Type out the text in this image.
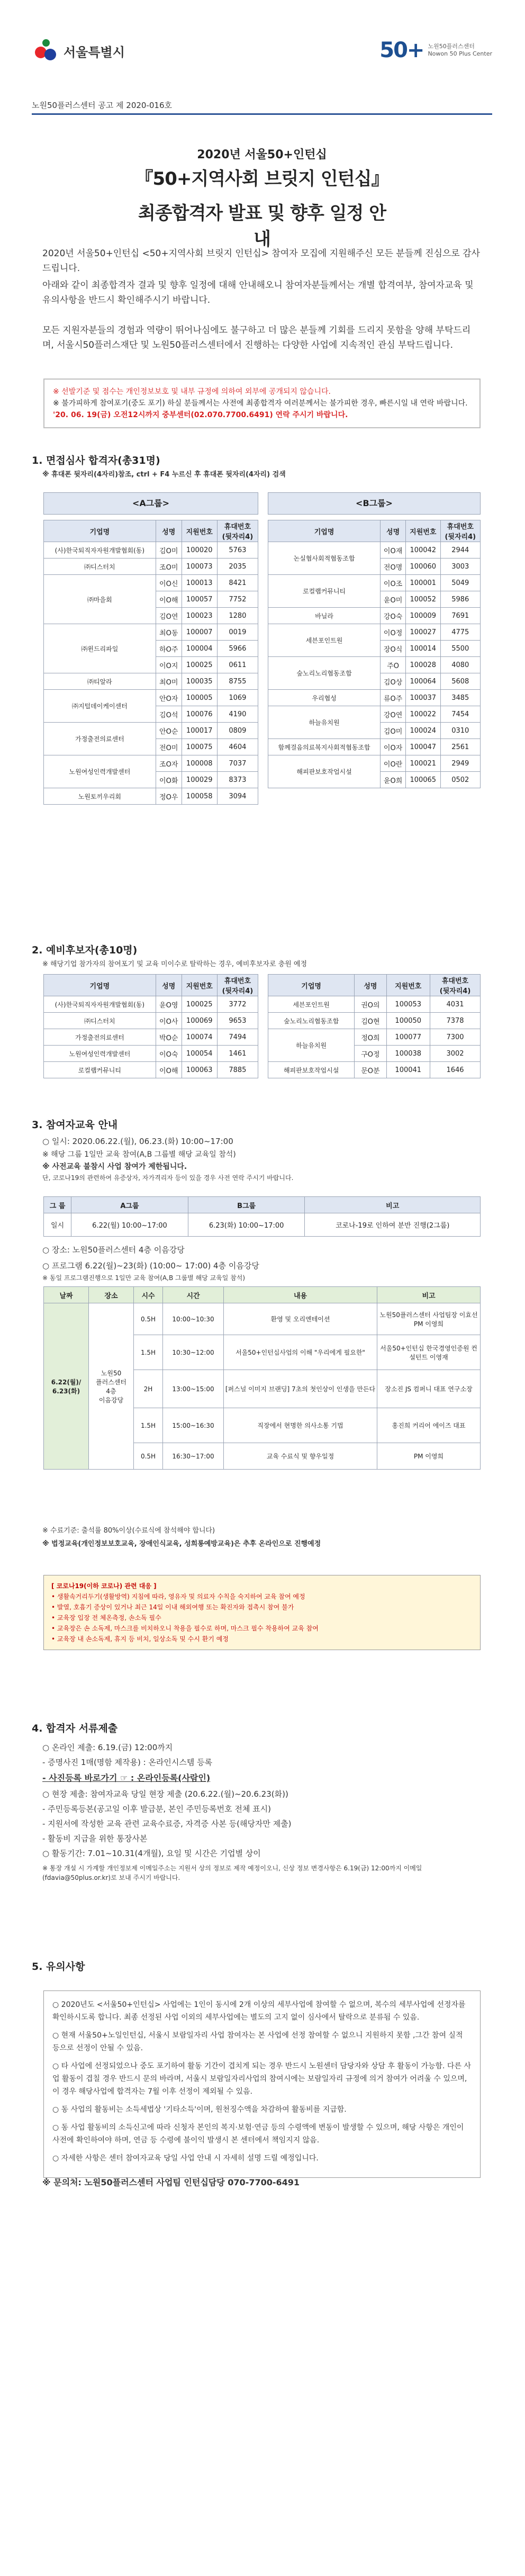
서울특별시	50+ 노원50플러스센터
Nowon 50 Plus Center
노원50플러스센터 공고 제 2020-016호
2020년 서울50+인턴십
『50+지역사회 브릿지 인턴십』
최종합격자 발표 및 향후 일정 안내
2020년 서울50+인턴십 <50+지역사회 브릿지 인턴십> 참여자 모집에 지원해주신 모든 분들께 진심으로 감사드립니다.
아래와 같이 최종합격자 결과 및 향후 일정에 대해 안내해오니 참여자분들께서는 개별 합격여부, 참여자교육 및 유의사항을 반드시 확인해주시기 바랍니다.
모든 지원자분들의 경험과 역량이 뛰어나심에도 불구하고 더 많은 분들께 기회를 드리지 못함을 양해 부탁드리며, 서울시50플러스재단 및 노원50플러스센터에서 진행하는 다양한 사업에 지속적인 관심 부탁드립니다.
※ 선발기준 및 점수는 개인정보보호 및 내부 규정에 의하여 외부에 공개되지 않습니다.
※ 불가피하게 참여포기(중도 포기) 하실 분들께서는 사전에 최종합격자 여러분께서는 불가피한 경우, 빠른시일 내 연락 바랍니다.
'20. 06. 19(금) 오전12시까지 중부센터(02.070.7700.6491) 연락 주시기 바랍니다.
1. 면접심사 합격자(총31명)
※ 휴대폰 뒷자리(4자리)참조, ctrl + F4 누르신 후 휴대폰 뒷자리(4자리) 검색
<A그룹>	<B그룹>
기업명	성명	지원번호	휴대번호
(뒷자리4)
(사)한국퇴직자자원개발협회(동)	김O미	100020	5763
㈜디스터치	조O미	100073	2035
㈜마을회	이O신	100013	8421
	이O해	100057	7752
	김O연	100023	1280
㈜윈드리파일	최O동	100007	0019
	하O주	100004	5966
	이O지	100025	0611
㈜티알라	최O미	100035	8755
㈜지털데이케이센터	안O자	100005	1069
	김O석	100076	4190
가정출전의료센터	안O순	100017	0809
	전O미	100075	4604
노원여성인력개발센터	조O자	100008	7037
	이O화	100029	8373
노원토끼우리회	정O우	100058	3094
기업명	성명	지원번호	휴대번호
(뒷자리4)
논실협사회적협동조합	이O재	100042	2944
	전O명	100060	3003
로컬랩커뮤니티	이O조	100001	5049
	윤O미	100052	5986
바닐라	강O숙	100009	7691
세븐포인트원	이O정	100027	4775
	장O식	100014	5500
숲노리노리협동조합	주O	100028	4080
	김O상	100064	5608
우리협성	류O주	100037	3485
하늘유치원	강O연	100022	7454
	김O미	100024	0310
함께걸음의료복지사회적협동조합	이O자	100047	2561
해피판보호작업시설	이O란	100021	2949
	윤O희	100065	0502
2. 예비후보자(총10명)
※ 해당기업 참가자의 참여포기 및 교육 미이수로 탈락하는 경우, 예비후보자로 충원 예정
기업명	성명	지원번호	휴대번호
(뒷자리4)
(사)한국퇴직자자원개발협회(동)	윤O영	100025	3772
㈜디스터치	이O사	100069	9653
가정출전의료센터	박O순	100074	7494
노원여성인력개발센터	이O숙	100054	1461
로컬랩커뮤니티	이O해	100063	7885
기업명	성명	지원번호	휴대번호
(뒷자리4)
세븐포인트원	권O의	100053	4031
숲노리노리협동조합	김O현	100050	7378
하늘유치원	정O희	100077	7300
	구O정	100038	3002
해피판보호작업시설	문O분	100041	1646
3. 참여자교육 안내
○ 일시: 2020.06.22.(월), 06.23.(화) 10:00~17:00
※ 해당 그룹 1일만 교육 참여(A,B 그룹별 해당 교육일 참석)
※ 사전교육 불참시 사업 참여가 제한됩니다.
단, 코로나19의 관련하여 유증상자, 자가격리자 등이 있을 경우 사전 연락 주시기 바랍니다.
그 룹	A그룹	B그룹	비고
일시	6.22(월) 10:00~17:00	6.23(화) 10:00~17:00	코로나-19로 인하여 분반 진행(2그룹)
○ 장소: 노원50플러스센터 4층 이음강당
○ 프로그램 6.22(월)~23(화) (10:00~ 17:00) 4층 이음강당
※ 동일 프로그램진행으로 1일만 교육 참여(A,B 그룹별 해당 교육일 참석)
날짜	장소	시수	시간	내용	비고
6.22(월)/
6.23(화)	노원50
플러스센터
4층
이음강당	0.5H	10:00~10:30	환영 및 오리엔테이션	노원50플러스센터 사업팀장 이효선 PM 이영희
		1.5H	10:30~12:00	서울50+인턴십사업의 이해 "우리에게 필요한"	서울50+인턴십 한국경영인증원 컨설턴트 이영재
		2H	13:00~15:00	[퍼스널 이미지 브랜딩] 7초의 첫인상이 인생을 만든다	장소진 JS 컴퍼니 대표 연구소장
		1.5H	15:00~16:30	직장에서 현명한 의사소통 기법	홍진희 커리어 에이즈 대표
		0.5H	16:30~17:00	교육 수료식 및 향우일정	PM 이영희
※ 수료기준: 출석률 80%이상(수료식에 참석해야 합니다)
※ 법정교육(개인정보보호교육, 장애인식교육, 성희롱예방교육)은 추후 온라인으로 진행예정
[ 코로나19(이하 코로나) 관련 대응 ]
• 생활속거리두기(생활방역) 지침에 따라, 영유자 및 의료자 수칙을 숙지하여 교육 참여 예정
• 발열, 호흡기 증상이 있거나 최근 14일 이내 해외여행 또는 확진자와 접촉시 참여 불가
• 교육장 입장 전 체온측정, 손소독 필수
• 교육장은 손 소독제, 마스크를 비치하오니 착용을 필수로 하며, 마스크 필수 착용하여 교육 참여
• 교육장 내 손소독제, 휴지 등 비치, 일상소독 및 수시 환기 예정
4. 합격자 서류제출
○ 온라인 제출: 6.19.(금) 12:00까지
- 증명사진 1매(명함 제작용) : 온라인시스템 등록
- 사진등록 바로가기 ☞ : 온라인등록(사람인)
○ 현장 제출: 참여자교육 당일 현장 제출 (20.6.22.(월)~20.6.23(화))
- 주민등록등본(공고일 이후 발급분, 본인 주민등록번호 전체 표시)
- 지원서에 작성한 교육 관련 교육수료증, 자격증 사본 등(해당자만 제출)
- 활동비 지급을 위한 통장사본
○ 활동기간: 7.01~10.31(4개월), 요일 및 시간은 기업별 상이
※ 통장 개설 시 가계할 개인정보제 이메일주소는 지원서 상의 정보로 제작 예정이오니, 신상 정보 변경사항은 6.19(금) 12:00까지 이메일(fdavia@50plus.or.kr)로 보내 주시기 바랍니다.
5. 유의사항

○ 2020년도 <서울50+인턴십> 사업에는 1인이 동시에 2개 이상의 세부사업에 참여할 수 없으며, 복수의 세부사업에 선정자를 확인하시도록 합니다. 최종 선정된 사업 이외의 세부사업에는 별도의 고지 없이 심사에서 탈락으로 분류됨 수 있음.

○ 현재 서울50+노일인턴십, 서울시 보람일자리 사업 참여자는 본 사업에 선정 참여할 수 없으니 지원하지 못함 ,그간 참여 실적 등으로 선정이 안될 수 있음.

○ 타 사업에 선정되었으나 중도 포기하여 활동 기간이 겹치게 되는 경우 반드시 노원센터 담당자와 상담 후 활동이 가능함. 다른 사업 활동이 겹칠 경우 반드시 문의 바라며, 서울시 보람일자리사업의 참여시에는 보람일자리 규정에 의거 참여가 어려울 수 있으며, 이 경우 해당사업에 합격자는 7월 이후 선정이 제외될 수 있음.

○ 동 사업의 활동비는 소득세법상 '기타소득'이며, 원천징수액을 차감하여 활동비를 지급함.

○ 동 사업 활동비의 소득신고에 따라 신청자 본인의 복지·보험·연금 등의 수령액에 변동이 발생할 수 있으며, 해당 사항은 개인이 사전에 확인하여야 하며, 연금 등 수령에 불이익 발생시 본 센터에서 책임지지 않음.

○ 자세한 사항은 센터 참여자교육 당일 사업 안내 시 자세히 설명 드릴 예정입니다.

※ 문의처: 노원50플러스센터 사업팀 인턴십담당 070-7700-6491
